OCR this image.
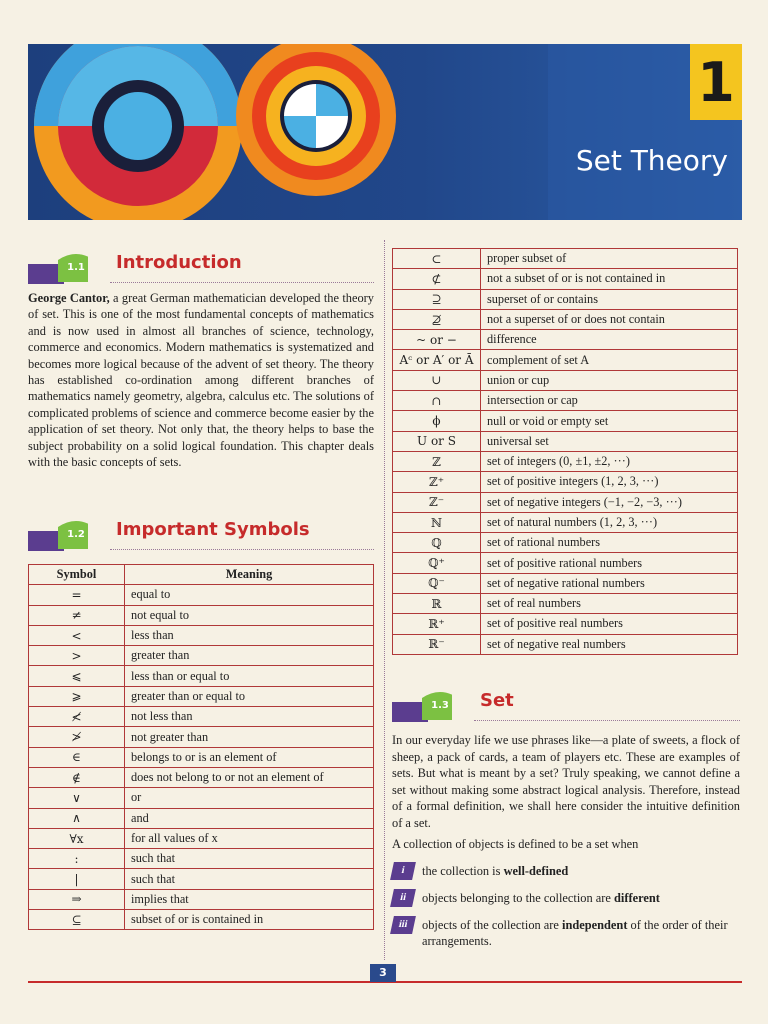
1
Set Theory
1.1 Introduction
George Cantor, a great German mathematician developed the theory of set. This is one of the most fundamental concepts of mathematics and is now used in almost all branches of science, technology, commerce and economics. Modern mathematics is systematized and becomes more logical because of the advent of set theory. The theory has established co-ordination among different branches of mathematics namely geometry, algebra, calculus etc. The solutions of complicated problems of science and commerce become easier by the application of set theory. Not only that, the theory helps to base the subject probability on a solid logical foundation. This chapter deals with the basic concepts of sets.
1.2 Important Symbols
Symbol	Meaning
=	equal to
≠	not equal to
<	less than
>	greater than
⩽	less than or equal to
⩾	greater than or equal to
≮	not less than
≯	not greater than
∈	belongs to or is an element of
∉	does not belong to or not an element of
∨	or
∧	and
∀x	for all values of x
:	such that
|	such that
⇒	implies that
⊆	subset of or is contained in
⊂	proper subset of
⊄	not a subset of or is not contained in
⊇	superset of or contains
⊉	not a superset of or does not contain
~ or −	difference
Aᶜ or A′ or Ā	complement of set A
∪	union or cup
∩	intersection or cap
ϕ	null or void or empty set
U or S	universal set
ℤ	set of integers (0, ±1, ±2, ···)
ℤ⁺	set of positive integers (1, 2, 3, ···)
ℤ⁻	set of negative integers (−1, −2, −3, ···)
ℕ	set of natural numbers (1, 2, 3, ···)
ℚ	set of rational numbers
ℚ⁺	set of positive rational numbers
ℚ⁻	set of negative rational numbers
ℝ	set of real numbers
ℝ⁺	set of positive real numbers
ℝ⁻	set of negative real numbers
1.3 Set

In our everyday life we use phrases like—a plate of sweets, a flock of sheep, a pack of cards, a team of players etc. These are examples of sets. But what is meant by a set? Truly speaking, we cannot define a set without making some abstract logical analysis. Therefore, instead of a formal definition, we shall here consider the intuitive definition of a set.

A collection of objects is defined to be a set when

i	the collection is well-defined
ii	objects belonging to the collection are different
iii	objects of the collection are independent of the order of their arrangements.
3
